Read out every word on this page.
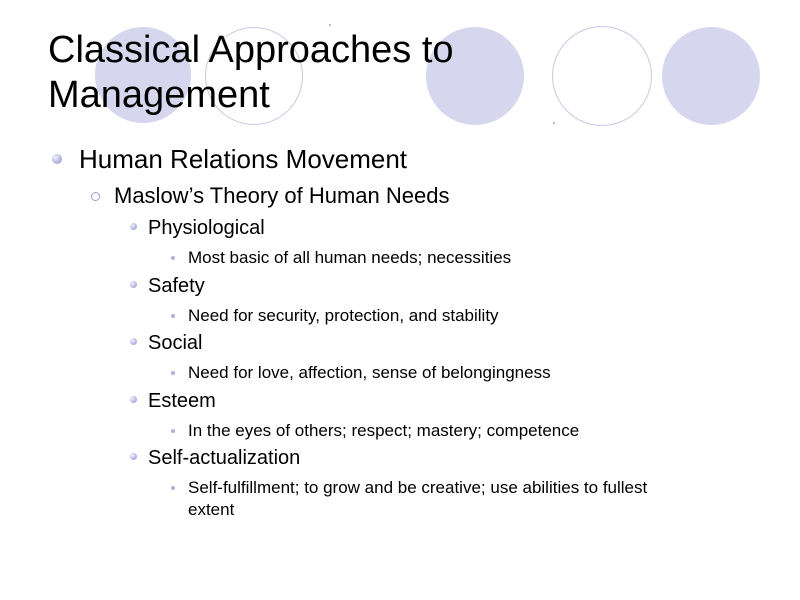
Classical Approaches to
Management
Human Relations Movement
Maslow’s Theory of Human Needs
Physiological
Most basic of all human needs; necessities
Safety
Need for security, protection, and stability
Social
Need for love, affection, sense of belongingness
Esteem
In the eyes of others; respect; mastery; competence
Self-actualization
Self-fulfillment; to grow and be creative; use abilities to fullest
extent
